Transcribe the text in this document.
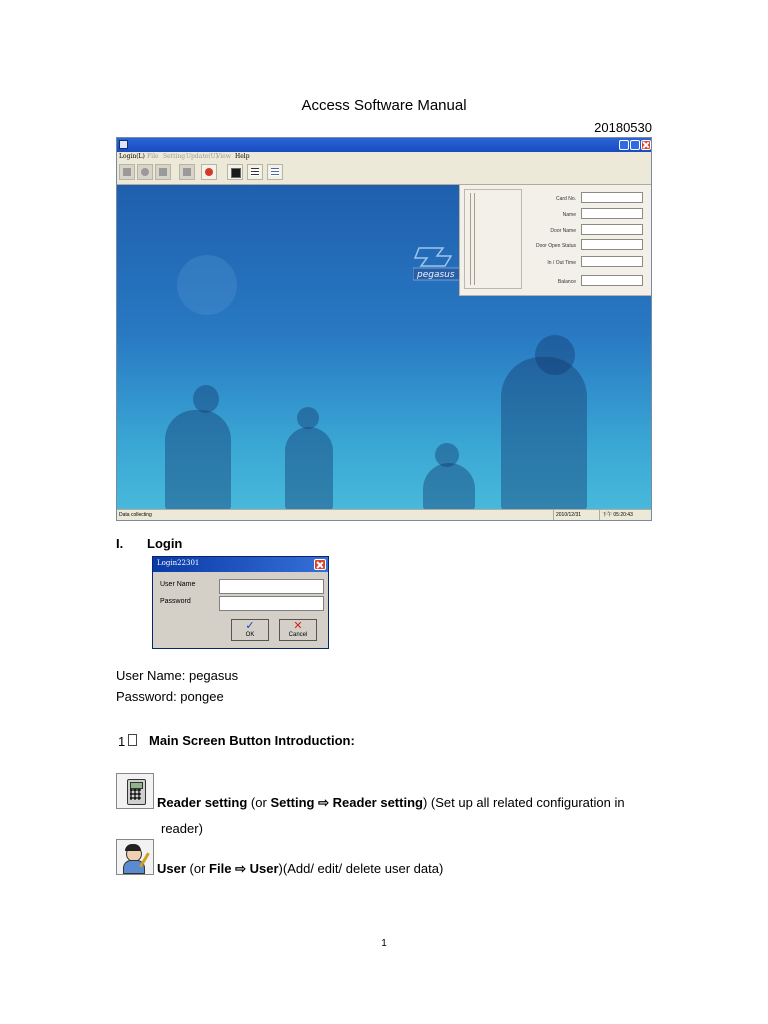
Access Software Manual
20180530
Login(L) File Setting Update(U)
View Help
pegasus
Card No.
Name
Door Name
Door Open Status
In / Out Time
Balance
Data collecting	2010/12/31	下午 05:20:43
I. Login
Login22301
User Name
Password
✓
OK
✕
Cancel
User Name: pegasus
Password: pongee
1 Main Screen Button Introduction:
Reader setting (or Setting ⇨ Reader setting) (Set up all related configuration in
reader)
User (or File ⇨ User)(Add/ edit/ delete user data)
1
